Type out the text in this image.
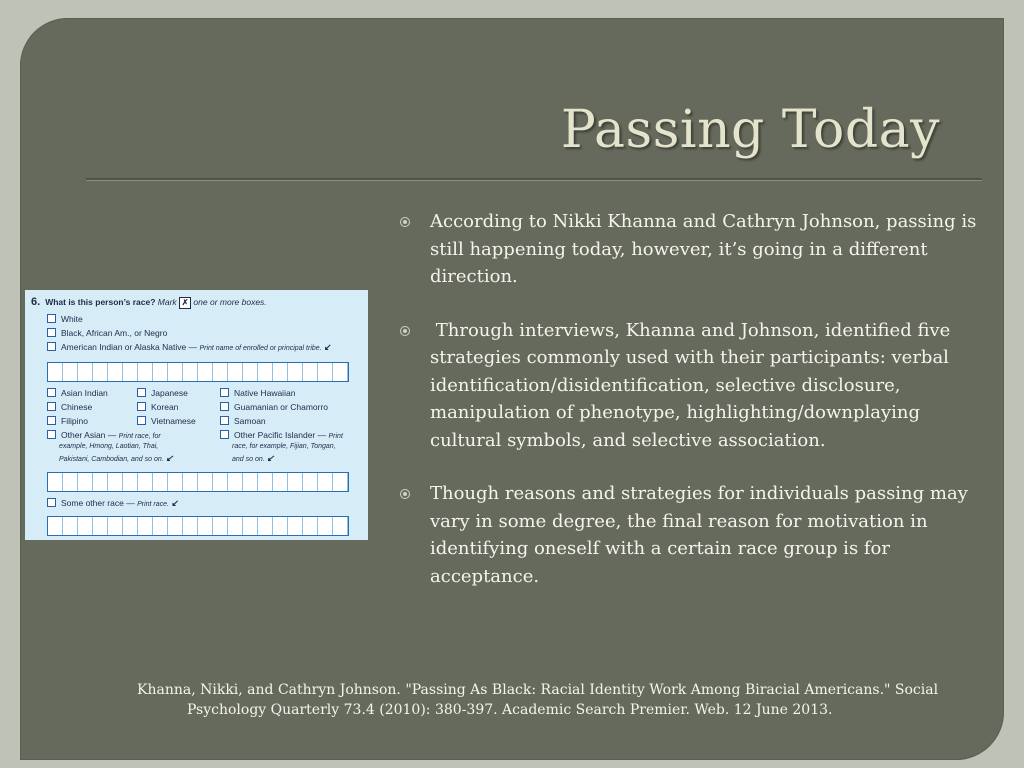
Passing Today
According to Nikki Khanna and Cathryn Johnson, passing is still happening today, however, it’s going in a different direction.
Through interviews, Khanna and Johnson, identified five strategies commonly used with their participants: verbal identification/disidentification, selective disclosure, manipulation of phenotype, highlighting/downplaying cultural symbols, and selective association.
Though reasons and strategies for individuals passing may vary in some degree, the final reason for motivation in identifying oneself with a certain race group is for acceptance.
6. What is this person’s race? Mark ✗ one or more boxes.
White
Black, African Am., or Negro
American Indian or Alaska Native — Print name of enrolled or principal tribe. ↙
Asian Indian
Chinese
Filipino
Other Asian — Print race, for
example, Hmong, Laotian, Thai,
Pakistani, Cambodian, and so on. ↙
Japanese
Korean
Vietnamese
Native Hawaiian
Guamanian or Chamorro
Samoan
Other Pacific Islander — Print
race, for example, Fijian, Tongan,
and so on. ↙
Some other race — Print race. ↙
Khanna, Nikki, and Cathryn Johnson. "Passing As Black: Racial Identity Work Among Biracial Americans." Social Psychology Quarterly 73.4 (2010): 380-397. Academic Search Premier. Web. 12 June 2013.
